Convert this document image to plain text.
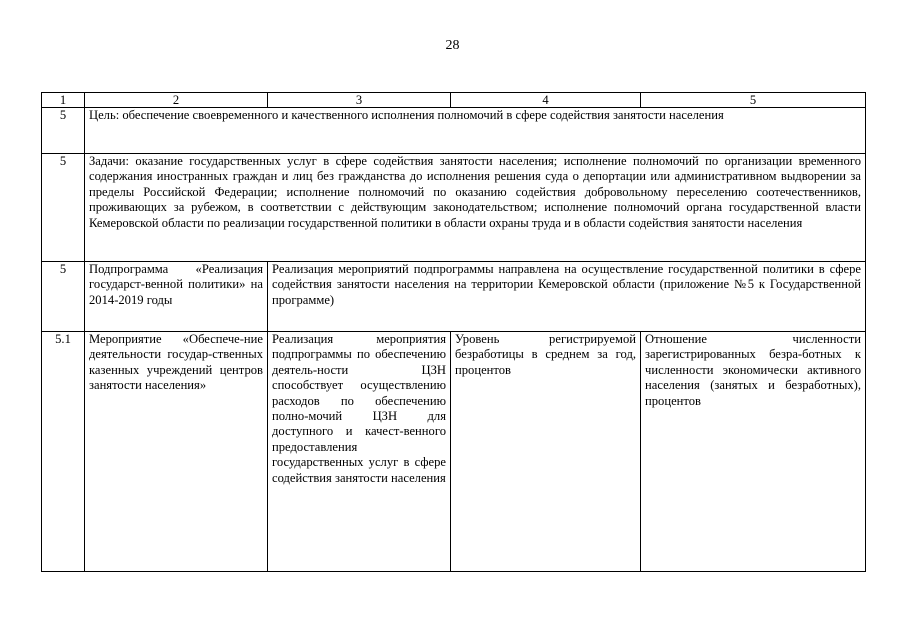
28
1	2	3	4	5
5	Цель: обеспечение своевременного и качественного исполнения полномочий в сфере содействия занятости населения			
5	Задачи: оказание государственных услуг в сфере содействия занятости населения; исполнение полномочий по организации временного содержания иностранных граждан и лиц без гражданства до исполнения решения суда о депортации или административном выдворении за пределы Российской Федерации; исполнение полномочий по оказанию содействия добровольному переселению соотечественников, проживающих за рубежом, в соответствии с действующим законодательством; исполнение полномочий органа государственной власти Кемеровской области по реализации государственной политики в области охраны труда и в области содействия занятости населения			
5	Подпрограмма «Реализация государст-венной политики» на 2014-2019 годы	Реализация мероприятий подпрограммы направлена на осуществление государственной политики в сфере содействия занятости населения на территории Кемеровской области (приложение №5 к Государственной программе)		
5.1	Мероприятие «Обеспече-ние деятельности государ-ственных казенных учреждений центров занятости населения»	Реализация мероприятия подпрограммы по обеспечению деятель-ности ЦЗН способствует осуществлению расходов по обеспечению полно-мочий ЦЗН для доступного и качест-венного предоставления государственных услуг в сфере содействия занятости населения	Уровень регистрируемой безработицы в среднем за год, процентов	Отношение численности зарегистрированных безра-ботных к численности экономически активного населения (занятых и безработных), процентов
